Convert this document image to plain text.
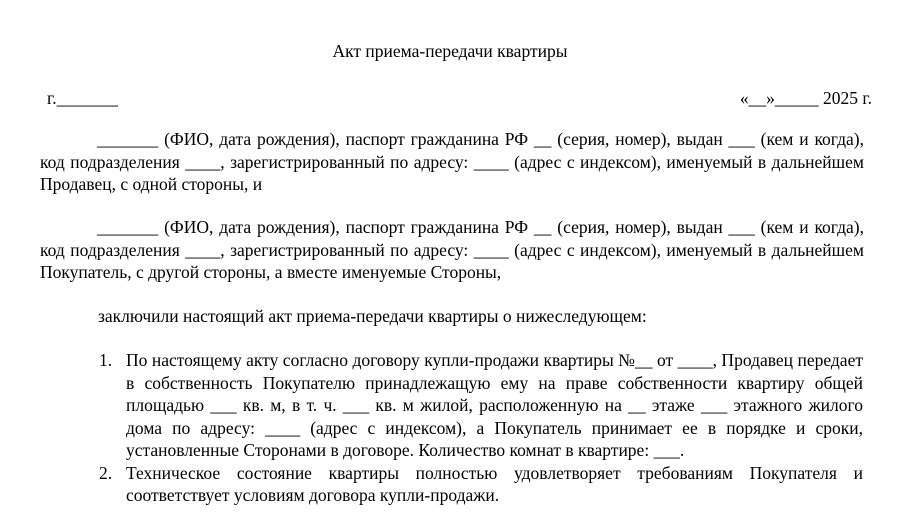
Акт приема-передачи квартиры
г._______	«__»_____ 2025 г.
_______ (ФИО, дата рождения), паспорт гражданина РФ __ (серия, номер), выдан ___ (кем и когда), код подразделения ____, зарегистрированный по адресу: ____ (адрес с индексом), именуемый в дальнейшем Продавец, с одной стороны, и
_______ (ФИО, дата рождения), паспорт гражданина РФ __ (серия, номер), выдан ___ (кем и когда), код подразделения ____, зарегистрированный по адресу: ____ (адрес с индексом), именуемый в дальнейшем Покупатель, с другой стороны, а вместе именуемые Стороны,
заключили настоящий акт приема-передачи квартиры о нижеследующем:
1. По настоящему акту согласно договору купли-продажи квартиры №__ от ____, Продавец передает в собственность Покупателю принадлежащую ему на праве собственности квартиру общей площадью ___ кв. м, в т. ч. ___ кв. м жилой, расположенную на __ этаже ___ этажного жилого дома по адресу: ____ (адрес с индексом), а Покупатель принимает ее в порядке и сроки, установленные Сторонами в договоре. Количество комнат в квартире: ___.
2. Техническое состояние квартиры полностью удовлетворяет требованиям Покупателя и соответствует условиям договора купли-продажи.
